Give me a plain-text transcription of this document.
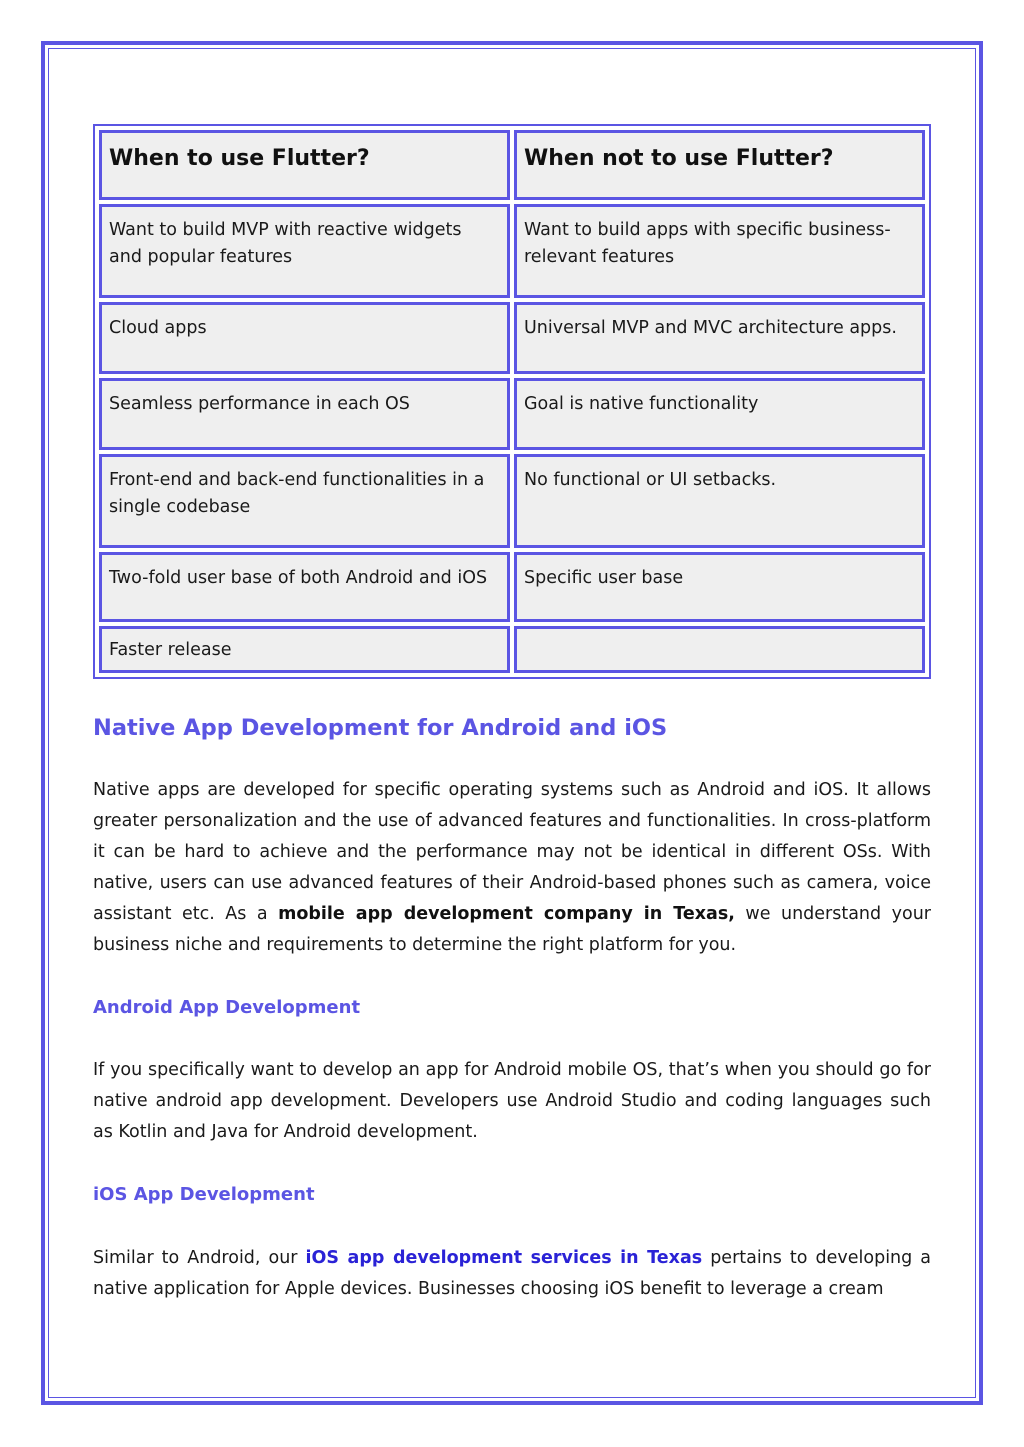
When to use Flutter?	When not to use Flutter?
Want to build MVP with reactive widgets and popular features	Want to build apps with specific business-relevant features
Cloud apps	Universal MVP and MVC architecture apps.
Seamless performance in each OS	Goal is native functionality
Front-end and back-end functionalities in a single codebase	No functional or UI setbacks.
Two-fold user base of both Android and iOS	Specific user base
Faster release	
Native App Development for Android and iOS

Native apps are developed for specific operating systems such as Android and iOS. It allows greater personalization and the use of advanced features and functionalities. In cross-platform it can be hard to achieve and the performance may not be identical in different OSs. With native, users can use advanced features of their Android-based phones such as camera, voice assistant etc. As a mobile app development company in Texas, we understand your business niche and requirements to determine the right platform for you.

Android App Development

If you specifically want to develop an app for Android mobile OS, that’s when you should go for native android app development. Developers use Android Studio and coding languages such as Kotlin and Java for Android development.

iOS App Development

Similar to Android, our iOS app development services in Texas pertains to developing a native application for Apple devices. Businesses choosing iOS benefit to leverage a cream
